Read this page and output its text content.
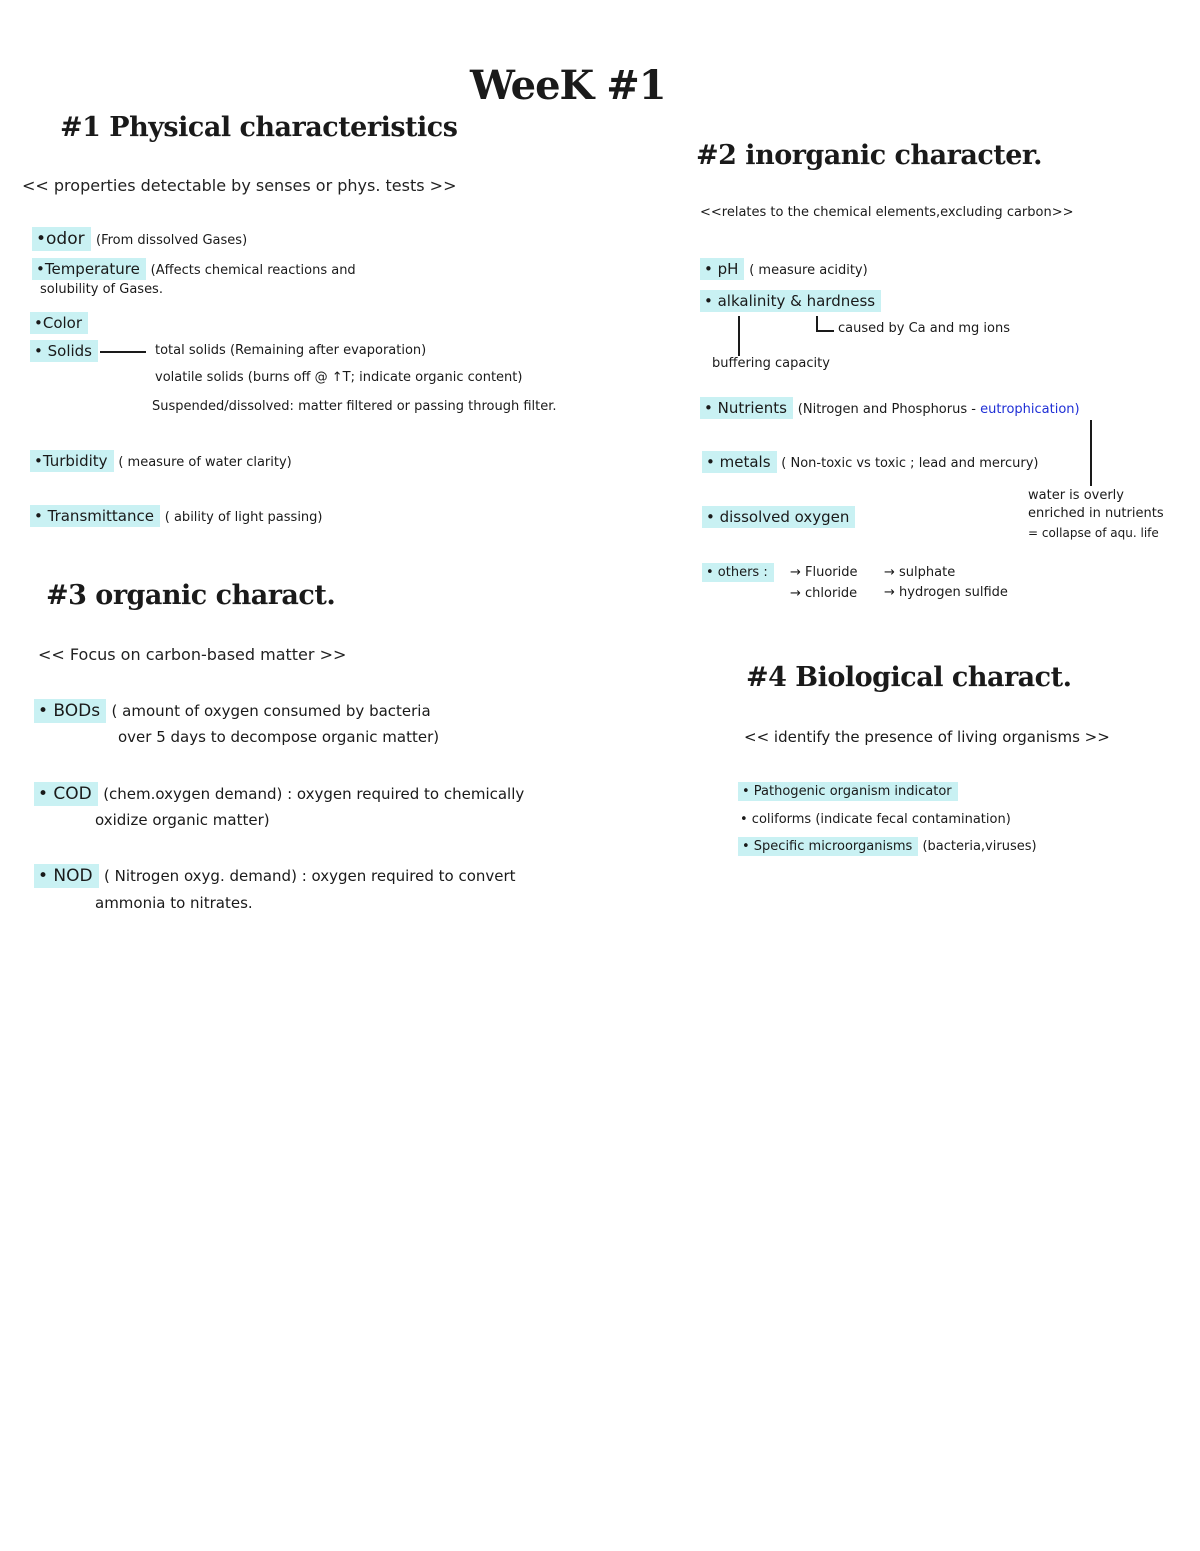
WeeK #1
#1 Physical characteristics
<< properties detectable by senses or phys. tests >>
•odor (From dissolved Gases)
•Temperature (Affects chemical reactions and
solubility of Gases.
•Color
• Solids	total solids (Remaining after evaporation)
volatile solids (burns off @ ↑T; indicate organic content)
Suspended/dissolved: matter filtered or passing through filter.
•Turbidity ( measure of water clarity)
• Transmittance ( ability of light passing)
#2 inorganic character.
<<relates to the chemical elements,excluding carbon>>
• pH ( measure acidity)
• alkalinity & hardness
caused by Ca and mg ions
buffering capacity
• Nutrients (Nitrogen and Phosphorus - eutrophication)
• metals ( Non-toxic vs toxic ; lead and mercury)
water is overly
enriched in nutrients
= collapse of aqu. life
• dissolved oxygen
• others :	→ Fluoride → sulphate
→ chloride → hydrogen sulfide
#3 organic charact.
<< Focus on carbon-based matter >>
• BODs ( amount of oxygen consumed by bacteria
over 5 days to decompose organic matter)
• COD (chem.oxygen demand) : oxygen required to chemically
oxidize organic matter)
• NOD ( Nitrogen oxyg. demand) : oxygen required to convert
ammonia to nitrates.
#4 Biological charact.
<< identify the presence of living organisms >>
• Pathogenic organism indicator
• coliforms (indicate fecal contamination)
• Specific microorganisms (bacteria,viruses)
